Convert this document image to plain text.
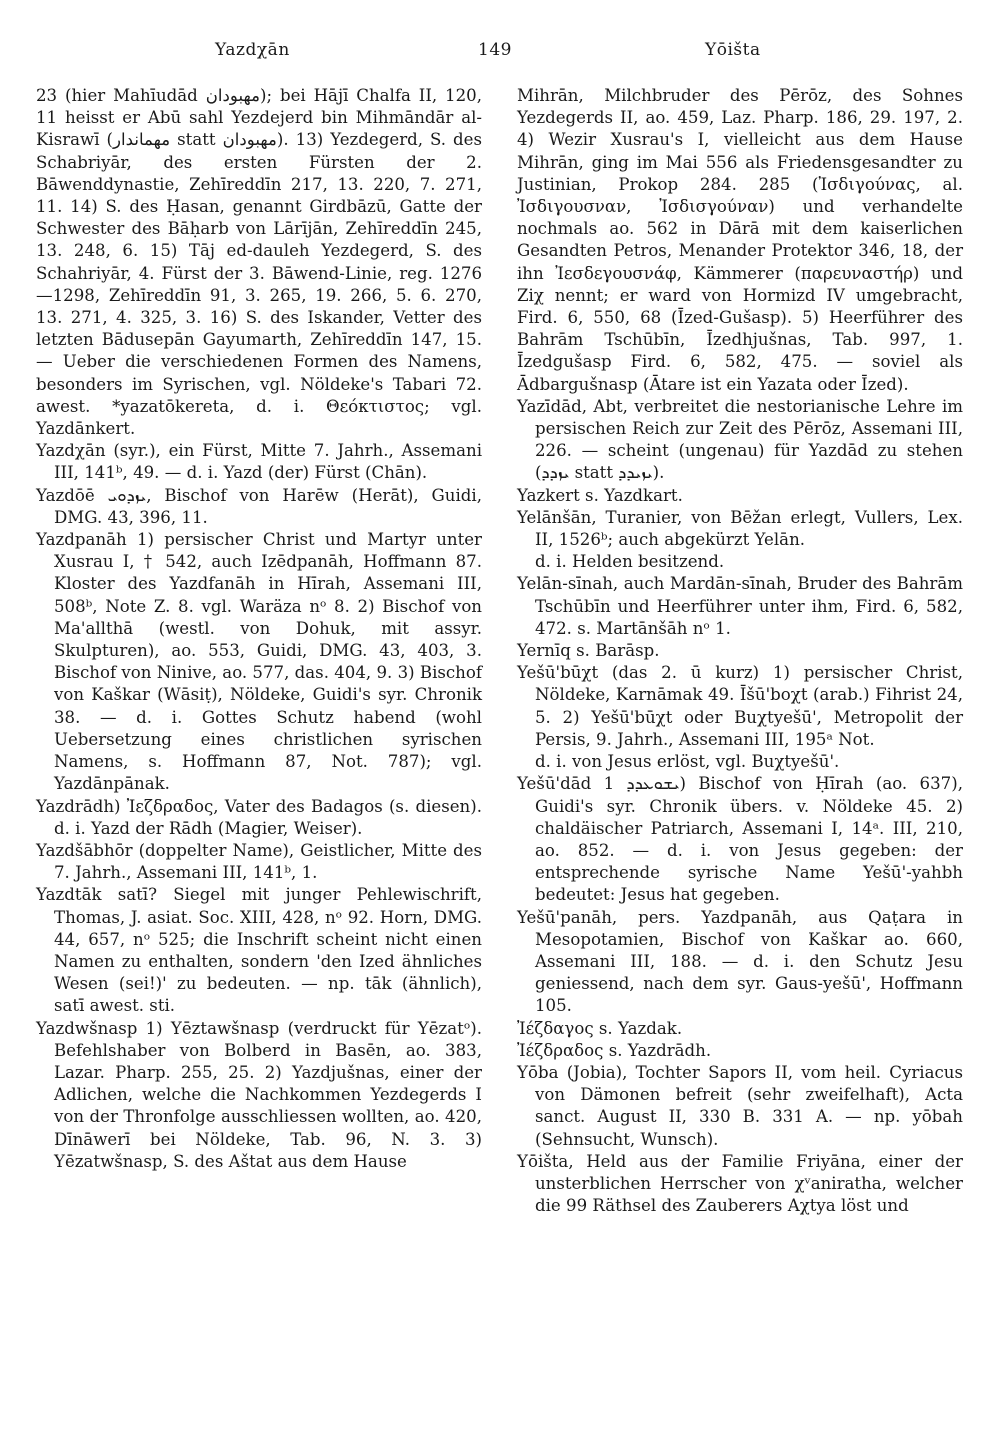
Yazdχān	149	Yōišta

23 (hier Mahīudād مهبودان); bei Hājī Chalfa II, 120, 11 heisst er Abū sahl Yezdejerd bin Mihmāndār al-Kisrawī (مهماندار statt مهبودان). 13) Yezdegerd, S. des Schabriyār, des ersten Fürsten der 2. Bāwenddynastie, Zehīreddīn 217, 13. 220, 7. 271, 11. 14) S. des Ḥasan, genannt Girdbāzū, Gatte der Schwester des Bāḥarb von Lārījān, Zehīreddīn 245, 13. 248, 6. 15) Tāj ed-dauleh Yezdegerd, S. des Schahriyār, 4. Fürst der 3. Bāwend-Linie, reg. 1276—1298, Zehīreddīn 91, 3. 265, 19. 266, 5. 6. 270, 13. 271, 4. 325, 3. 16) S. des Iskander, Vetter des letzten Bādusepān Gayumarth, Zehīreddīn 147, 15. — Ueber die verschiedenen Formen des Namens, besonders im Syrischen, vgl. Nöldeke's Tabari 72. awest. *yazatōkereta, d. i. Θεόκτιστος; vgl. Yazdānkert.

Yazdχān (syr.), ein Fürst, Mitte 7. Jahrh., Assemani III, 141ᵇ, 49. — d. i. Yazd (der) Fürst (Chān).

Yazdōē ܝܙܕܘܝ, Bischof von Harēw (Herāt), Guidi, DMG. 43, 396, 11.

Yazdpanāh 1) persischer Christ und Martyr unter Xusrau I, † 542, auch Izēdpanāh, Hoffmann 87. Kloster des Yazdfanāh in Hīrah, Assemani III, 508ᵇ, Note Z. 8. vgl. Waräza nᵒ 8. 2) Bischof von Ma'allthā (westl. von Dohuk, mit assyr. Skulpturen), ao. 553, Guidi, DMG. 43, 403, 3. Bischof von Ninive, ao. 577, das. 404, 9. 3) Bischof von Kaškar (Wāsiṭ), Nöldeke, Guidi's syr. Chronik 38. — d. i. Gottes Schutz habend (wohl Uebersetzung eines christlichen syrischen Namens, s. Hoffmann 87, Not. 787); vgl. Yazdānpānak.

Yazdrādh) Ἰεζδραδος, Vater des Badagos (s. diesen). d. i. Yazd der Rādh (Magier, Weiser).

Yazdšābhōr (doppelter Name), Geistlicher, Mitte des 7. Jahrh., Assemani III, 141ᵇ, 1.

Yazdtāk satī? Siegel mit junger Pehlewischrift, Thomas, J. asiat. Soc. XIII, 428, nᵒ 92. Horn, DMG. 44, 657, nᵒ 525; die Inschrift scheint nicht einen Namen zu enthalten, sondern 'den Ized ähnliches Wesen (sei!)' zu bedeuten. — np. tāk (ähnlich), satī awest. sti.

Yazdwšnasp 1) Yēztawšnasp (verdruckt für Yēzatᵒ). Befehlshaber von Bolberd in Basēn, ao. 383, Lazar. Pharp. 255, 25. 2) Yazdjušnas, einer der Adlichen, welche die Nachkommen Yezdegerds I von der Thronfolge ausschliessen wollten, ao. 420, Dīnāwerī bei Nöldeke, Tab. 96, N. 3. 3) Yēzatwšnasp, S. des Aštat aus dem Hause

Mihrān, Milchbruder des Pērōz, des Sohnes Yezdegerds II, ao. 459, Laz. Pharp. 186, 29. 197, 2. 4) Wezir Xusrau's I, vielleicht aus dem Hause Mihrān, ging im Mai 556 als Friedensgesandter zu Justinian, Prokop 284. 285 (Ἰσδιγούνας, al. Ἰσδιγουσναν, Ἰσδισγούναν) und verhandelte nochmals ao. 562 in Dārā mit dem kaiserlichen Gesandten Petros, Menander Protektor 346, 18, der ihn Ἰεσδεγουσνάφ, Kämmerer (παρευναστήρ) und Ziχ nennt; er ward von Hormizd IV umgebracht, Fird. 6, 550, 68 (Īzed-Gušasp). 5) Heerführer des Bahrām Tschūbīn, Īzedhjušnas, Tab. 997, 1. Īzedgušasp Fird. 6, 582, 475. — soviel als Ādbargušnasp (Ātare ist ein Yazata oder Īzed).

Yazīdād, Abt, verbreitet die nestorianische Lehre im persischen Reich zur Zeit des Pērōz, Assemani III, 226. — scheint (ungenau) für Yazdād zu stehen (ܝܙܕܕ statt ܝܙܝܕܕ).

Yazkert s. Yazdkart.

Yelānšān, Turanier, von Bēžan erlegt, Vullers, Lex. II, 1526ᵇ; auch abgekürzt Yelān.

d. i. Helden besitzend.

Yelān-sīnah, auch Mardān-sīnah, Bruder des Bahrām Tschūbīn und Heerführer unter ihm, Fird. 6, 582, 472. s. Martānšāh nᵒ 1.

Yernīq s. Barāsp.

Yešū'būχt (das 2. ū kurz) 1) persischer Christ, Nöldeke, Karnāmak 49. Īšū'boχt (arab.) Fihrist 24, 5. 2) Yešū'būχt oder Buχtyešū', Metropolit der Persis, 9. Jahrh., Assemani III, 195ᵃ Not.

d. i. von Jesus erlöst, vgl. Buχtyešū'.

Yešū'dād ܝܫܘܥܕܕ 1) Bischof von Ḥīrah (ao. 637), Guidi's syr. Chronik übers. v. Nöldeke 45. 2) chaldäischer Patriarch, Assemani I, 14ᵃ. III, 210, ao. 852. — d. i. von Jesus gegeben: der entsprechende syrische Name Yešū'-yahbh bedeutet: Jesus hat gegeben.

Yešū'panāh, pers. Yazdpanāh, aus Qaṭara in Mesopotamien, Bischof von Kaškar ao. 660, Assemani III, 188. — d. i. den Schutz Jesu geniessend, nach dem syr. Gaus-yešū', Hoffmann 105.

Ἰέζδαγος s. Yazdak.

Ἰέζδραδος s. Yazdrādh.

Yōba (Jobia), Tochter Sapors II, vom heil. Cyriacus von Dämonen befreit (sehr zweifelhaft), Acta sanct. August II, 330 B. 331 A. — np. yōbah (Sehnsucht, Wunsch).

Yōišta, Held aus der Familie Friyāna, einer der unsterblichen Herrscher von χᵛaniratha, welcher die 99 Räthsel des Zauberers Aχtya löst und
